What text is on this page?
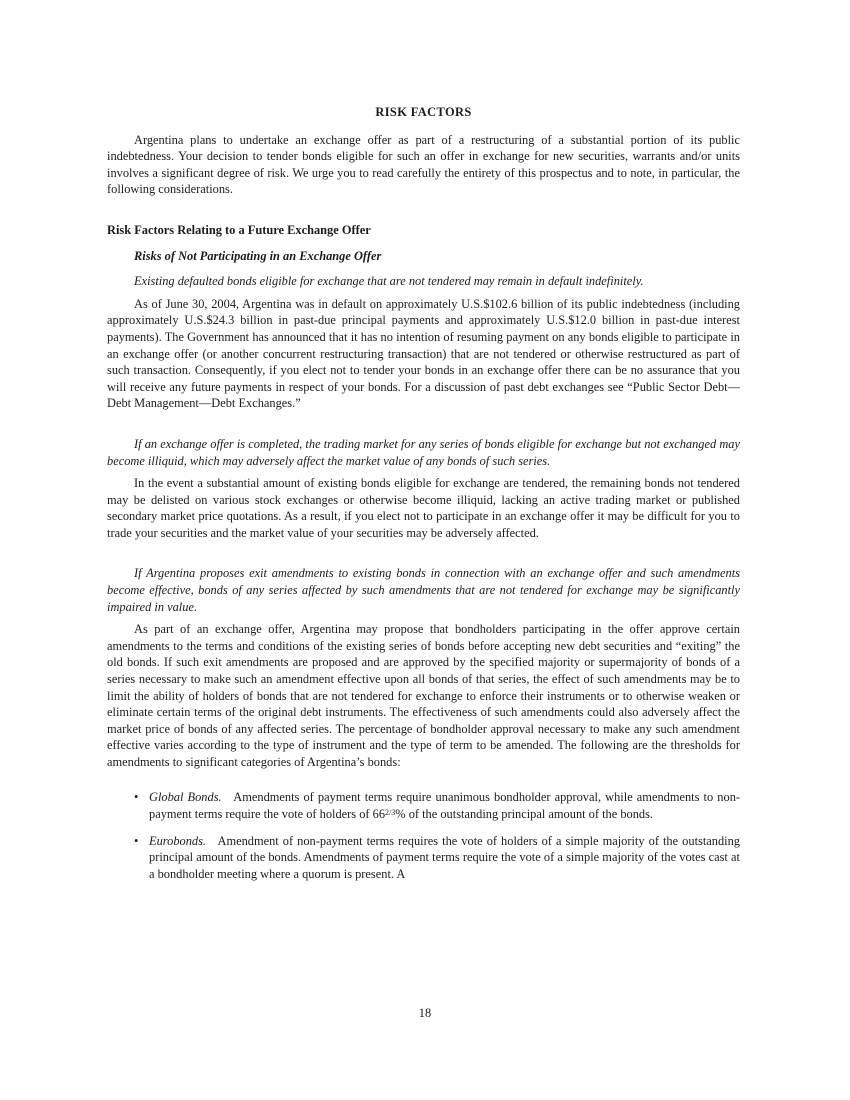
RISK FACTORS

Argentina plans to undertake an exchange offer as part of a restructuring of a substantial portion of its public indebtedness. Your decision to tender bonds eligible for such an offer in exchange for new securities, warrants and/or units involves a significant degree of risk. We urge you to read carefully the entirety of this prospectus and to note, in particular, the following considerations.

Risk Factors Relating to a Future Exchange Offer
Risks of Not Participating in an Exchange Offer

Existing defaulted bonds eligible for exchange that are not tendered may remain in default indefinitely.

As of June 30, 2004, Argentina was in default on approximately U.S.$102.6 billion of its public indebtedness (including approximately U.S.$24.3 billion in past-due principal payments and approximately U.S.$12.0 billion in past-due interest payments). The Government has announced that it has no intention of resuming payment on any bonds eligible to participate in an exchange offer (or another concurrent restructuring transaction) that are not tendered or otherwise restructured as part of such transaction. Consequently, if you elect not to tender your bonds in an exchange offer there can be no assurance that you will receive any future payments in respect of your bonds. For a discussion of past debt exchanges see “Public Sector Debt—Debt Management—Debt Exchanges.”

If an exchange offer is completed, the trading market for any series of bonds eligible for exchange but not exchanged may become illiquid, which may adversely affect the market value of any bonds of such series.

In the event a substantial amount of existing bonds eligible for exchange are tendered, the remaining bonds not tendered may be delisted on various stock exchanges or otherwise become illiquid, lacking an active trading market or published secondary market price quotations. As a result, if you elect not to participate in an exchange offer it may be difficult for you to trade your securities and the market value of your securities may be adversely affected.

If Argentina proposes exit amendments to existing bonds in connection with an exchange offer and such amendments become effective, bonds of any series affected by such amendments that are not tendered for exchange may be significantly impaired in value.

As part of an exchange offer, Argentina may propose that bondholders participating in the offer approve certain amendments to the terms and conditions of the existing series of bonds before accepting new debt securities and “exiting” the old bonds. If such exit amendments are proposed and are approved by the specified majority or supermajority of bonds of a series necessary to make such an amendment effective upon all bonds of that series, the effect of such amendments may be to limit the ability of holders of bonds that are not tendered for exchange to enforce their instruments or to otherwise weaken or eliminate certain terms of the original debt instruments. The effectiveness of such amendments could also adversely affect the market price of bonds of any affected series. The percentage of bondholder approval necessary to make any such amendment effective varies according to the type of instrument and the type of term to be amended. The following are the thresholds for amendments to significant categories of Argentina’s bonds:

• Global Bonds. Amendments of payment terms require unanimous bondholder approval, while amendments to non-payment terms require the vote of holders of $66^{2/3}\%$ of the outstanding principal amount of the bonds.
• Eurobonds. Amendment of non-payment terms requires the vote of holders of a simple majority of the outstanding principal amount of the bonds. Amendments of payment terms require the vote of a simple majority of the votes cast at a bondholder meeting where a quorum is present. A
18
